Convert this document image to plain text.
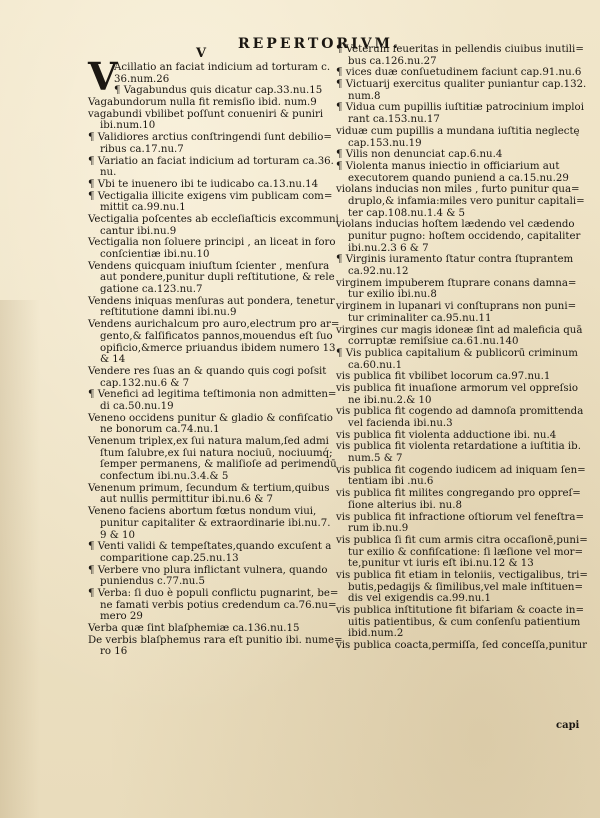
REPERTORIVM.
V
V
Acillatio an faciat indicium ad torturam c.
36.num.26
¶ Vagabundus quis dicatur cap.33.nu.15
Vagabundorum nulla fit remisſio ibid. num.9
vagabundi vbilibet poſſunt conueniri & puniri
ibi.num.10
¶ Validiores arctius conſtringendi ſunt debilio=
ribus ca.17.nu.7
¶ Variatio an faciat indicium ad torturam ca.36.
nu.
¶ Vbi te inuenero ibi te iudicabo ca.13.nu.14
¶ Vectigalia illicite exigens vim publicam com=
mittit ca.99.nu.1
Vectigalia poſcentes ab eccleſiaſticis excommuni
cantur ibi.nu.9
Vectigalia non ſoluere principi , an liceat in foro
conſcientiæ ibi.nu.10
Vendens quicquam iniuſtum ſcienter , menſura
aut pondere,punitur dupli reſtitutione, & rele
gatione ca.123.nu.7
Vendens iniquas menſuras aut pondera, tenetur
reſtitutione damni ibi.nu.9
Vendens aurichalcum pro auro,electrum pro ar=
gento,& falſificatos pannos,mouendus eſt ſuo
opificio,&merce priuandus ibidem numero 13
& 14
Vendere res ſuas an & quando quis cogi poſsit
cap.132.nu.6 & 7
¶ Venefici ad legitima teſtimonia non admitten=
di ca.50.nu.19
Veneno occidens punitur & gladio & confiſcatio
ne bonorum ca.74.nu.1
Venenum triplex,ex ſui natura malum,ſed admi
ſtum ſalubre,ex ſui natura nociuū, nociuumq́;
ſemper permanens, & maliſioſe ad perimendū
confectum ibi.nu.3.4.& 5
Venenum primum, ſecundum & tertium,quibus
aut nullis permittitur ibi.nu.6 & 7
Veneno faciens abortum fœtus nondum viui,
punitur capitaliter & extraordinarie ibi.nu.7.
9 & 10
¶ Venti validi & tempeſtates,quando excuſent a
comparitione cap.25.nu.13
¶ Verbere vno plura inflictant vulnera, quando
puniendus c.77.nu.5
¶ Verba: ſi duo è populi conflictu pugnarint, be=
ne famati verbis potius credendum ca.76.nu=
mero 29
Verba quæ ſint blaſphemiæ ca.136.nu.15
De verbis blaſphemus rara eſt punitio ibi. nume=
ro 16
¶ Veterum ſeueritas in pellendis ciuibus inutili=
bus ca.126.nu.27
¶ vices duæ conſuetudinem faciunt cap.91.nu.6
¶ Victuarij exercitus qualiter puniantur cap.132.
num.8
¶ Vidua cum pupillis iuſtitiæ patrocinium imploi
rant ca.153.nu.17
viduæ cum pupillis a mundana iuſtitia neglectę
cap.153.nu.19
¶ Vilis non denunciat cap.6.nu.4
¶ Violenta manus iniectio in officiarium aut
executorem quando puniend a ca.15.nu.29
violans inducias non miles , furto punitur qua=
druplo,& infamia:miles vero punitur capitali=
ter cap.108.nu.1.4 & 5
violans inducias hoſtem lædendo vel cædendo
punitur pugno: hoſtem occidendo, capitaliter
ibi.nu.2.3 6 & 7
¶ Virginis iuramento ſtatur contra ſtuprantem
ca.92.nu.12
virginem impuberem ſtuprare conans damna=
tur exilio ibi.nu.8
virginem in lupanari vi conſtuprans non puni=
tur criminaliter ca.95.nu.11
virgines cur magis idoneæ ſint ad maleficia quā
corruptæ remiſsiue ca.61.nu.140
¶ Vis publica capitalium & publicorū criminum
ca.60.nu.1
vis publica fit vbilibet locorum ca.97.nu.1
vis publica fit inuaſione armorum vel oppreſsio
ne ibi.nu.2.& 10
vis publica fit cogendo ad damnoſa promittenda
vel facienda ibi.nu.3
vis publica fit violenta adductione ibi. nu.4
vis publica fit violenta retardatione a iuſtitia ib.
num.5 & 7
vis publica fit cogendo iudicem ad iniquam ſen=
tentiam ibi .nu.6
vis publica fit milites congregando pro oppreſ=
ſione alterius ibi. nu.8
vis publica fit infractione oſtiorum vel feneſtra=
rum ib.nu.9
vis publica ſi fit cum armis citra occaſionē,puni=
tur exilio & confiſcatione: ſi læſione vel mor=
te,punitur vt iuris eſt ibi.nu.12 & 13
vis publica fit etiam in teloniis, vectigalibus, tri=
butis,pedagijs & ſimilibus,vel male inſtituen=
dis vel exigendis ca.99.nu.1
vis publica inſtitutione fit bifariam & coacte in=
uitis patientibus, & cum conſenſu patientium
ibid.num.2
vis publica coacta,permiſſa, ſed conceſſa,punitur
capi
